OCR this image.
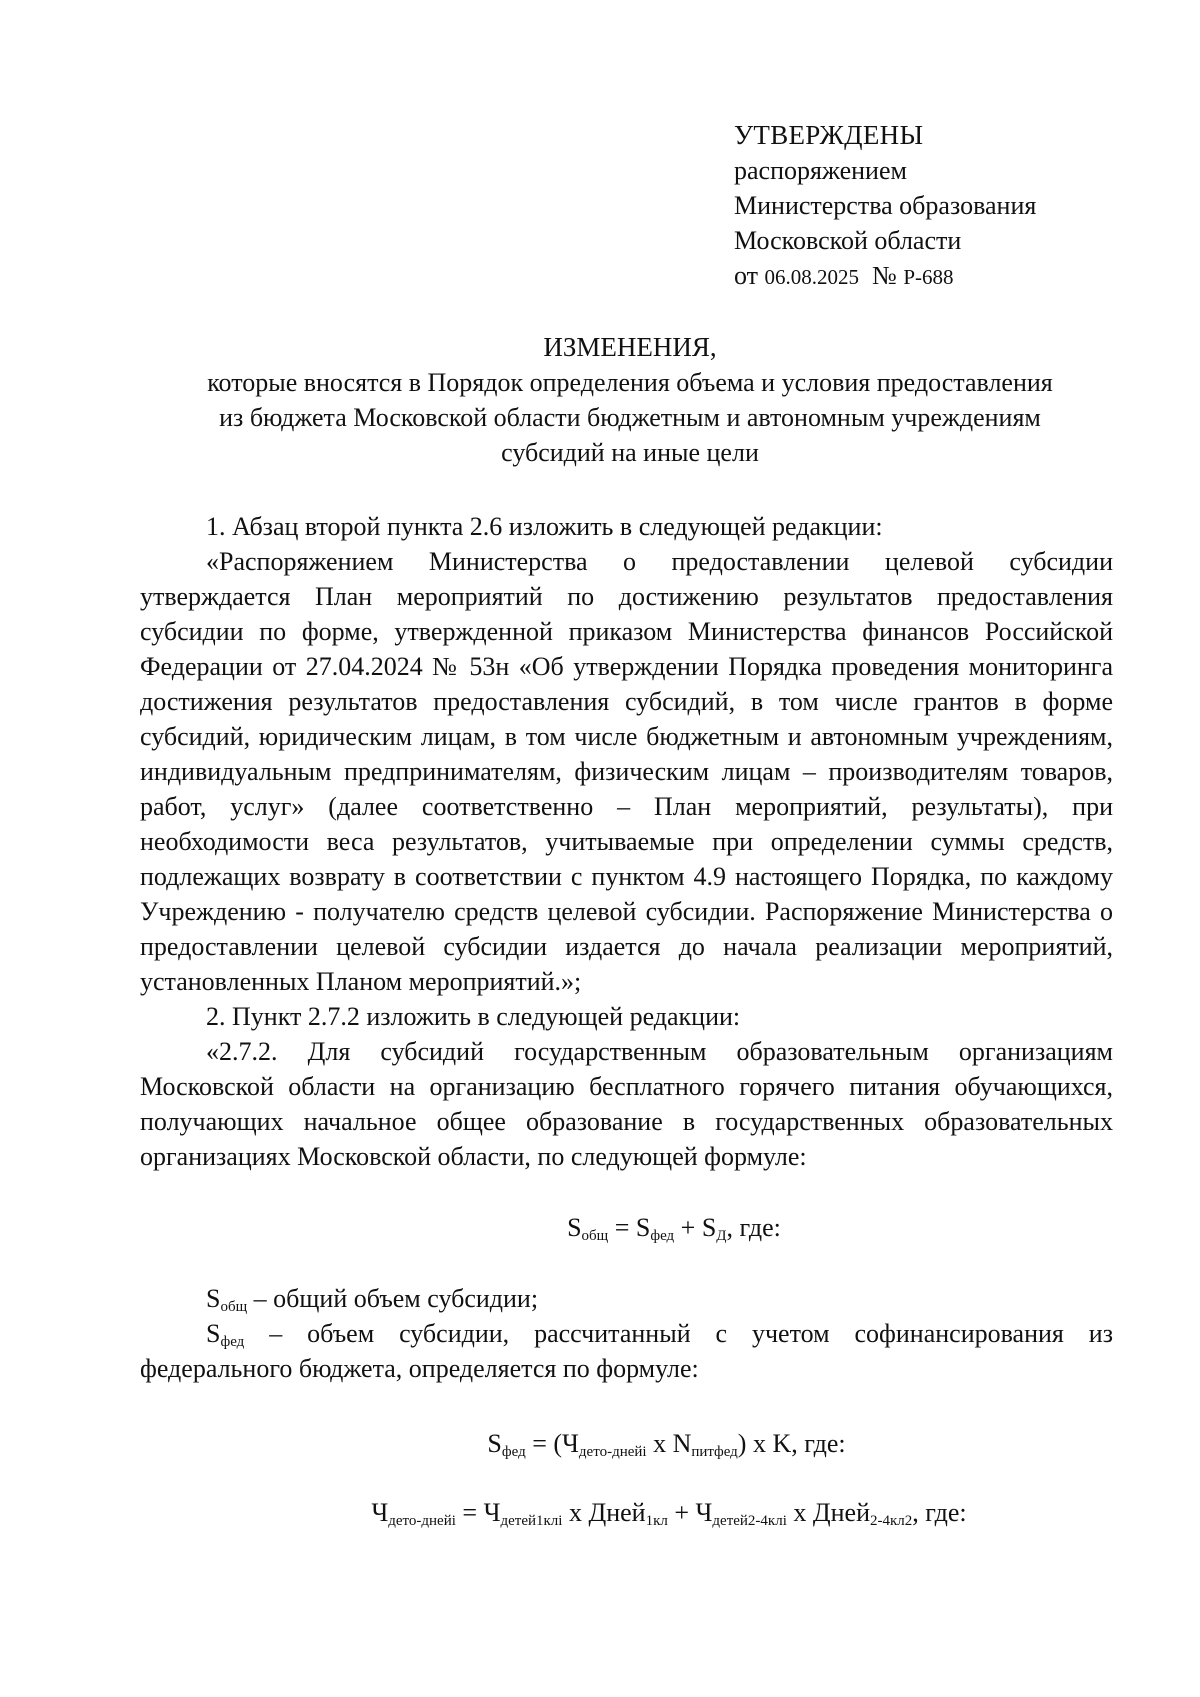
УТВЕРЖДЕНЫ
распоряжением
Министерства образования
Московской области
от 06.08.2025 № Р-688
ИЗМЕНЕНИЯ,
которые вносятся в Порядок определения объема и условия предоставления
из бюджета Московской области бюджетным и автономным учреждениям
субсидий на иные цели

1. Абзац второй пункта 2.6 изложить в следующей редакции:

«Распоряжением Министерства о предоставлении целевой субсидии утверждается План мероприятий по достижению результатов предоставления субсидии по форме, утвержденной приказом Министерства финансов Российской Федерации от 27.04.2024 № 53н «Об утверждении Порядка проведения мониторинга достижения результатов предоставления субсидий, в том числе грантов в форме субсидий, юридическим лицам, в том числе бюджетным и автономным учреждениям, индивидуальным предпринимателям, физическим лицам – производителям товаров, работ, услуг» (далее соответственно – План мероприятий, результаты), при необходимости веса результатов, учитываемые при определении суммы средств, подлежащих возврату в соответствии с пунктом 4.9 настоящего Порядка, по каждому Учреждению - получателю средств целевой субсидии. Распоряжение Министерства о предоставлении целевой субсидии издается до начала реализации мероприятий, установленных Планом мероприятий.»;

2. Пункт 2.7.2 изложить в следующей редакции:

«2.7.2. Для субсидий государственным образовательным организациям Московской области на организацию бесплатного горячего питания обучающихся, получающих начальное общее образование в государственных образовательных организациях Московской области, по следующей формуле:

$S_{общ} = S_{фед} + S_Д$, где:

$S_{общ}$ – общий объем субсидии;

$S_{фед}$ – объем субсидии, рассчитанный с учетом софинансирования из федерального бюджета, определяется по формуле:

$S_{фед} = (Ч_{дето-днейi}$ x $N_{питфед}$) x K, где:

$Ч_{дето-днейi} = Ч_{детей1клi}$ x Дней$_{1кл}$ + $Ч_{детей2-4клi}$ x Дней$_{2-4кл2}$, где:
